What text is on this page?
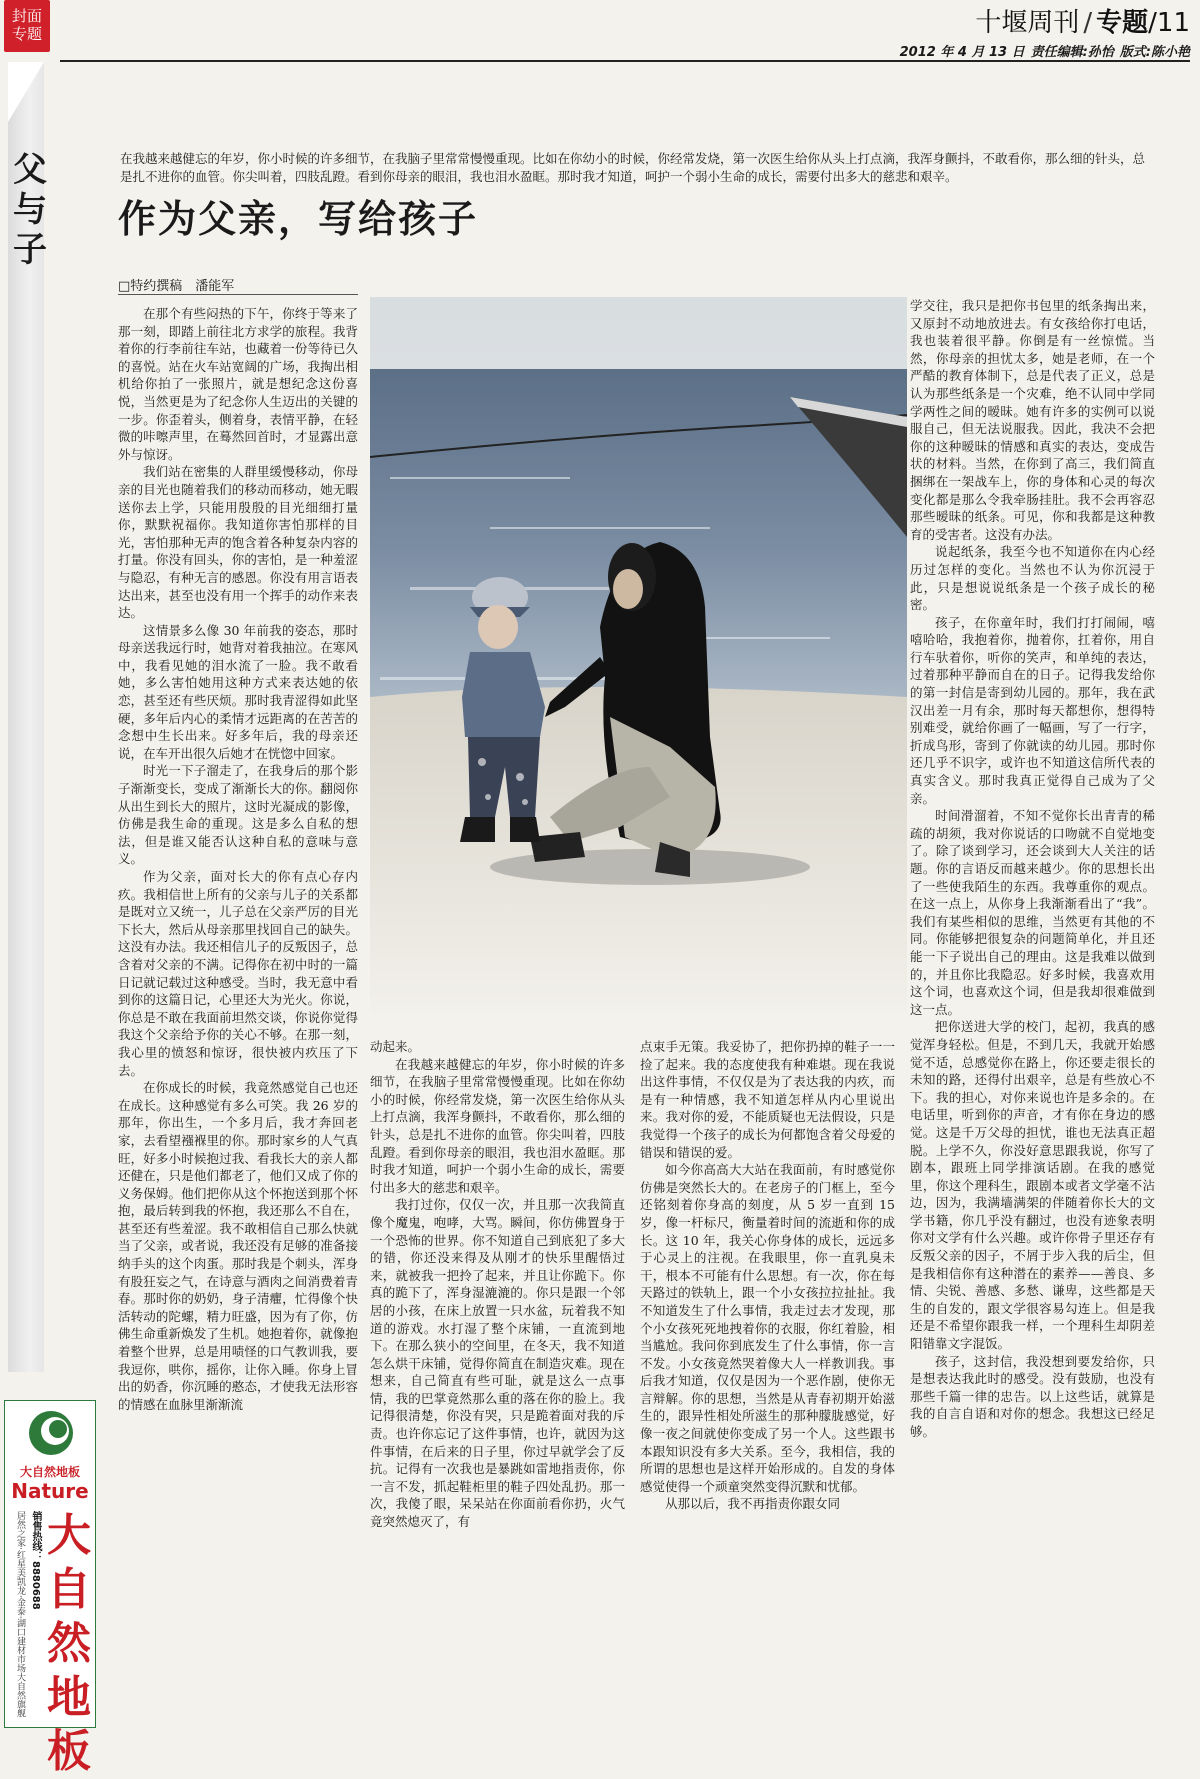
封面
专题	十堰周刊 / 专题/11
2012 年 4 月 13 日 责任编辑:孙怡 版式:陈小艳
父
与
子
在我越来越健忘的年岁，你小时候的许多细节，在我脑子里常常慢慢重现。比如在你幼小的时候，你经常发烧，第一次医生给你从头上打点滴，我浑身颤抖，不敢看你，那么细的针头，总是扎不进你的血管。你尖叫着，四肢乱蹬。看到你母亲的眼泪，我也泪水盈眶。那时我才知道，呵护一个弱小生命的成长，需要付出多大的慈悲和艰辛。
作为父亲，写给孩子
□特约撰稿　潘能军

在那个有些闷热的下午，你终于等来了那一刻，即踏上前往北方求学的旅程。我背着你的行李前往车站，也藏着一份等待已久的喜悦。站在火车站宽阔的广场，我掏出相机给你拍了一张照片，就是想纪念这份喜悦，当然更是为了纪念你人生迈出的关键的一步。你歪着头，侧着身，表情平静，在轻微的咔嚓声里，在蓦然回首时，才显露出意外与惊讶。

我们站在密集的人群里缓慢移动，你母亲的目光也随着我们的移动而移动，她无暇送你去上学，只能用殷殷的目光细细打量你，默默祝福你。我知道你害怕那样的目光，害怕那种无声的饱含着各种复杂内容的打量。你没有回头，你的害怕，是一种羞涩与隐忍，有种无言的感恩。你没有用言语表达出来，甚至也没有用一个挥手的动作来表达。

这情景多么像 30 年前我的姿态，那时母亲送我远行时，她背对着我抽泣。在寒风中，我看见她的泪水流了一脸。我不敢看她，多么害怕她用这种方式来表达她的依恋，甚至还有些厌烦。那时我青涩得如此坚硬，多年后内心的柔情才远距离的在苦苦的念想中生长出来。好多年后，我的母亲还说，在车开出很久后她才在恍惚中回家。

时光一下子溜走了，在我身后的那个影子渐渐变长，变成了渐渐长大的你。翻阅你从出生到长大的照片，这时光凝成的影像，仿佛是我生命的重现。这是多么自私的想法，但是谁又能否认这种自私的意味与意义。

作为父亲，面对长大的你有点心存内疚。我相信世上所有的父亲与儿子的关系都是既对立又统一，儿子总在父亲严厉的目光下长大，然后从母亲那里找回自己的缺失。这没有办法。我还相信儿子的反叛因子，总含着对父亲的不满。记得你在初中时的一篇日记就记载过这种感受。当时，我无意中看到你的这篇日记，心里还大为光火。你说，你总是不敢在我面前坦然交谈，你说你觉得我这个父亲给予你的关心不够。在那一刻，我心里的愤怒和惊讶，很快被内疚压了下去。

在你成长的时候，我竟然感觉自己也还在成长。这种感觉有多么可笑。我 26 岁的那年，你出生，一个多月后，我才奔回老家，去看望襁褓里的你。那时家乡的人气真旺，好多小时候抱过我、看我长大的亲人都还健在，只是他们都老了，他们又成了你的义务保姆。他们把你从这个怀抱送到那个怀抱，最后转到我的怀抱，我还那么不自在，甚至还有些羞涩。我不敢相信自己那么快就当了父亲，或者说，我还没有足够的准备接纳手头的这个肉蛋。那时我是个刺头，浑身有股狂妄之气，在诗意与酒肉之间消费着青春。那时你的奶奶，身子清癯，忙得像个快活转动的陀螺，精力旺盛，因为有了你，仿佛生命重新焕发了生机。她抱着你，就像抱着整个世界，总是用啧怪的口气教训我，要我逗你，哄你，摇你，让你入睡。你身上冒出的奶香，你沉睡的憨态，才使我无法形容的情感在血脉里渐渐流

动起来。

在我越来越健忘的年岁，你小时候的许多细节，在我脑子里常常慢慢重现。比如在你幼小的时候，你经常发烧，第一次医生给你从头上打点滴，我浑身颤抖，不敢看你，那么细的针头，总是扎不进你的血管。你尖叫着，四肢乱蹬。看到你母亲的眼泪，我也泪水盈眶。那时我才知道，呵护一个弱小生命的成长，需要付出多大的慈悲和艰辛。

我打过你，仅仅一次，并且那一次我简直像个魔鬼，咆哮，大骂。瞬间，你仿佛置身于一个恐怖的世界。你不知道自己到底犯了多大的错，你还没来得及从刚才的快乐里醒悟过来，就被我一把拎了起来，并且让你跪下。你真的跪下了，浑身湿漉漉的。你只是跟一个邻居的小孩，在床上放置一只水盆，玩着我不知道的游戏。水打湿了整个床铺，一直流到地下。在那么狭小的空间里，在冬天，我不知道怎么烘干床铺，觉得你简直在制造灾难。现在想来，自己简直有些可耻，就是这么一点事情，我的巴掌竟然那么重的落在你的脸上。我记得很清楚，你没有哭，只是跪着面对我的斥责。也许你忘记了这件事情，也许，就因为这件事情，在后来的日子里，你过早就学会了反抗。记得有一次我也是暴跳如雷地指责你，你一言不发，抓起鞋柜里的鞋子四处乱扔。那一次，我傻了眼，呆呆站在你面前看你扔，火气竟突然熄灭了，有

点束手无策。我妥协了，把你扔掉的鞋子一一捡了起来。我的态度使我有种难堪。现在我说出这件事情，不仅仅是为了表达我的内疚，而是有一种情感，我不知道怎样从内心里说出来。我对你的爱，不能质疑也无法假设，只是我觉得一个孩子的成长为何都饱含着父母爱的错误和错误的爱。

如今你高高大大站在我面前，有时感觉你仿佛是突然长大的。在老房子的门框上，至今还铭刻着你身高的刻度，从 5 岁一直到 15 岁，像一杆标尺，衡量着时间的流逝和你的成长。这 10 年，我关心你身体的成长，远远多于心灵上的注视。在我眼里，你一直乳臭未干，根本不可能有什么思想。有一次，你在每天路过的铁轨上，跟一个小女孩拉拉扯扯。我不知道发生了什么事情，我走过去才发现，那个小女孩死死地拽着你的衣服，你红着脸，相当尴尬。我问你到底发生了什么事情，你一言不发。小女孩竟然哭着像大人一样教训我。事后我才知道，仅仅是因为一个恶作剧，使你无言辩解。你的思想，当然是从青春初期开始滋生的，跟异性相处所滋生的那种朦胧感觉，好像一夜之间就使你变成了另一个人。这些跟书本跟知识没有多大关系。至今，我相信，我的所谓的思想也是这样开始形成的。自发的身体感觉使得一个顽童突然变得沉默和忧郁。

从那以后，我不再指责你跟女同

学交往，我只是把你书包里的纸条掏出来，又原封不动地放进去。有女孩给你打电话，我也装着很平静。你倒是有一丝惊慌。当然，你母亲的担忧太多，她是老师，在一个严酷的教育体制下，总是代表了正义，总是认为那些纸条是一个灾难，绝不认同中学同学两性之间的暧昧。她有许多的实例可以说服自己，但无法说服我。因此，我决不会把你的这种暧昧的情感和真实的表达，变成告状的材料。当然，在你到了高三，我们简直捆绑在一架战车上，你的身体和心灵的每次变化都是那么令我牵肠挂肚。我不会再容忍那些暧昧的纸条。可见，你和我都是这种教育的受害者。这没有办法。

说起纸条，我至今也不知道你在内心经历过怎样的变化。当然也不认为你沉浸于此，只是想说说纸条是一个孩子成长的秘密。

孩子，在你童年时，我们打打闹闹，嘻嘻哈哈，我抱着你，抛着你，扛着你，用自行车驮着你，听你的笑声，和单纯的表达，过着那种平静而自在的日子。记得我发给你的第一封信是寄到幼儿园的。那年，我在武汉出差一月有余，那时每天都想你，想得特别难受，就给你画了一幅画，写了一行字，折成鸟形，寄到了你就读的幼儿园。那时你还几乎不识字，或许也不知道这信所代表的真实含义。那时我真正觉得自己成为了父亲。

时间滑溜着，不知不觉你长出青青的稀疏的胡须，我对你说话的口吻就不自觉地变了。除了谈到学习，还会谈到大人关注的话题。你的言语反而越来越少。你的思想长出了一些使我陌生的东西。我尊重你的观点。在这一点上，从你身上我渐渐看出了“我”。我们有某些相似的思维，当然更有其他的不同。你能够把很复杂的问题简单化，并且还能一下子说出自己的理由。这是我难以做到的，并且你比我隐忍。好多时候，我喜欢用这个词，也喜欢这个词，但是我却很难做到这一点。

把你送进大学的校门，起初，我真的感觉浑身轻松。但是，不到几天，我就开始感觉不适，总感觉你在路上，你还要走很长的未知的路，还得付出艰辛，总是有些放心不下。我的担心，对你来说也许是多余的。在电话里，听到你的声音，才有你在身边的感觉。这是千万父母的担忧，谁也无法真正超脱。上学不久，你没好意思跟我说，你写了剧本，跟班上同学排演话剧。在我的感觉里，你这个理科生，跟剧本或者文学毫不沾边，因为，我满墙满架的伴随着你长大的文学书籍，你几乎没有翻过，也没有迹象表明你对文学有什么兴趣。或许你骨子里还存有反叛父亲的因子，不屑于步入我的后尘，但是我相信你有这种潜在的素养——善良、多情、尖锐、善感、多愁、谦卑，这些都是天生的自发的，跟文学很容易勾连上。但是我还是不希望你跟我一样，一个理科生却阴差阳错靠文字混饭。

孩子，这封信，我没想到要发给你，只是想表达我此时的感受。没有鼓励，也没有那些千篇一律的忠告。以上这些话，就算是我的自言自语和对你的想念。我想这已经足够。

大自然地板
Nature
居然之家·红星美凯龙·金泰·湖口建材市场大自然旗舰 销售热线：8880688 大
自
然
地
板
